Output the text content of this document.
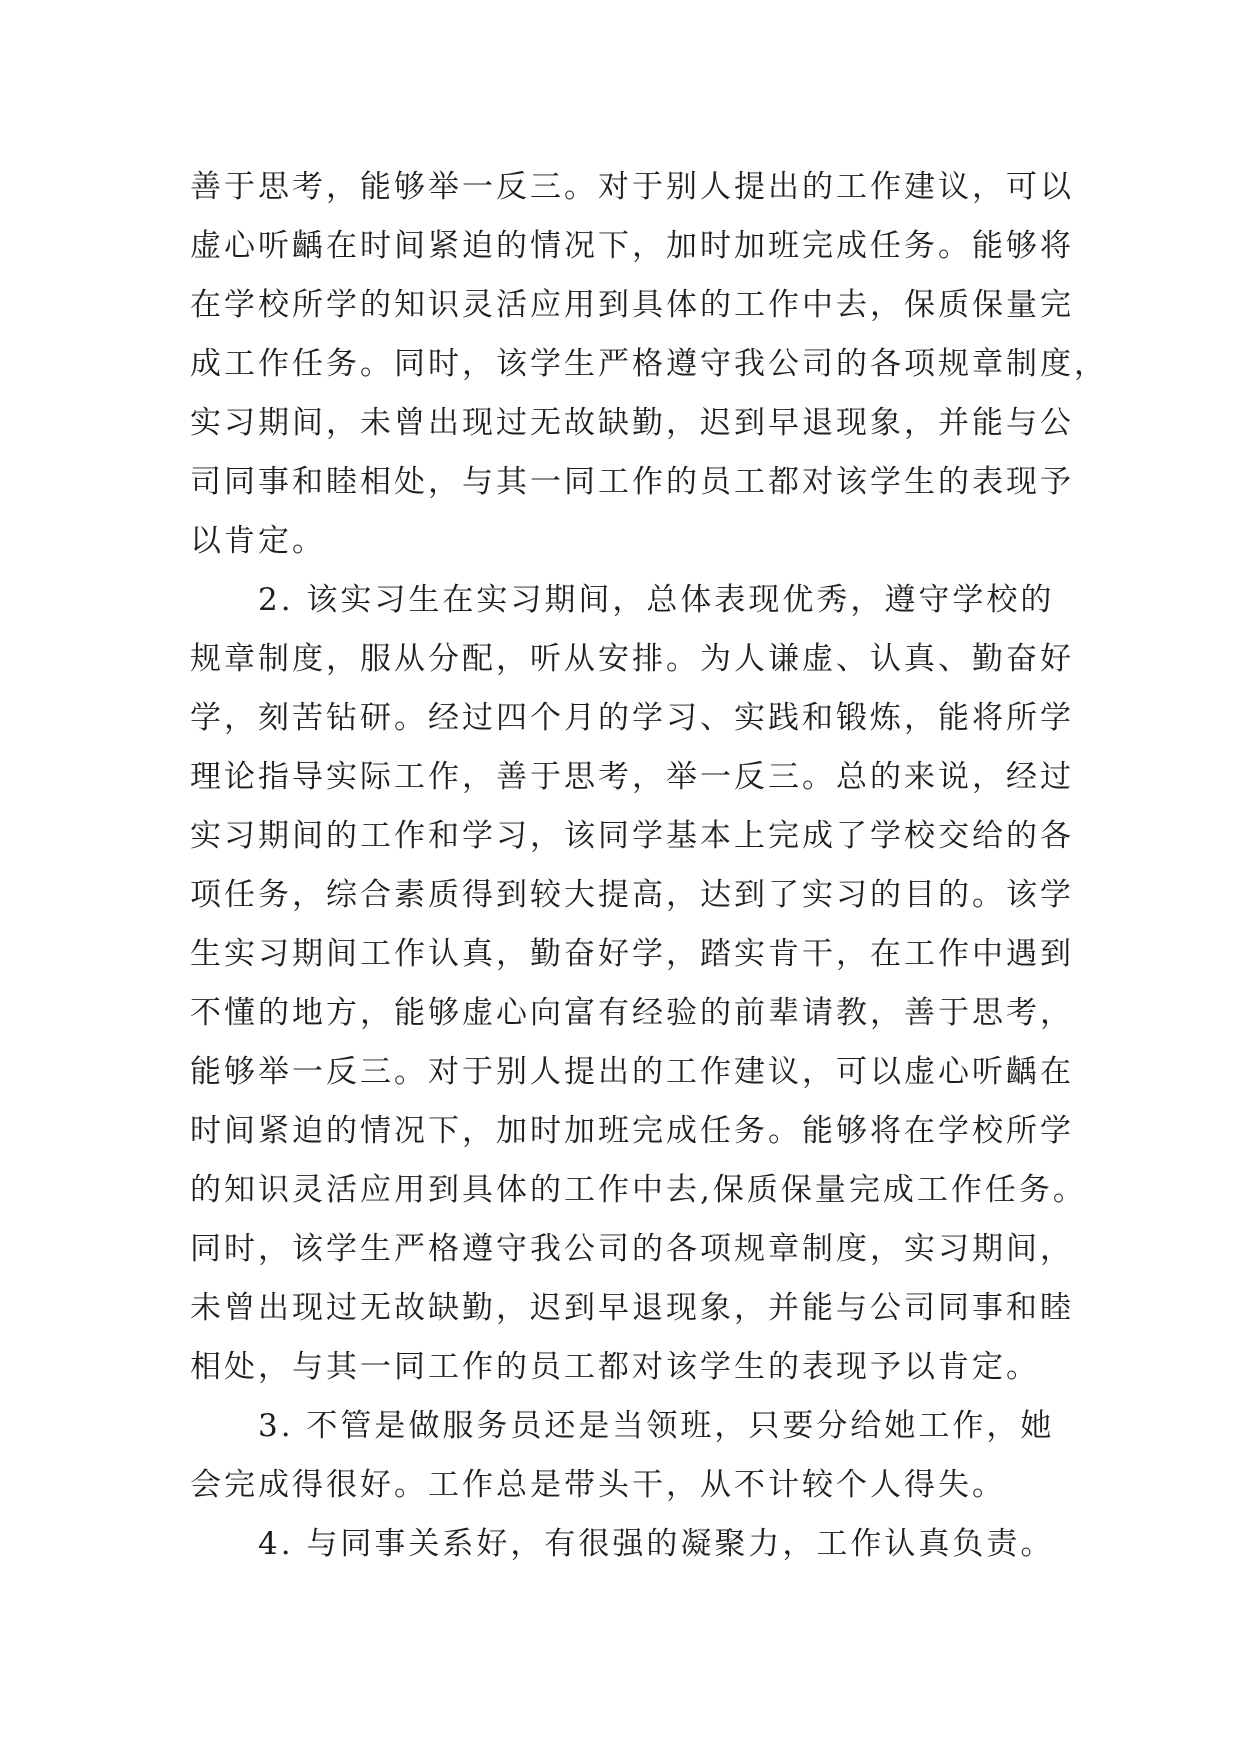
善于思考，能够举一反三。对于别人提出的工作建议，可以
虚心听齲在时间紧迫的情况下，加时加班完成任务。能够将
在学校所学的知识灵活应用到具体的工作中去，保质保量完
成工作任务。同时，该学生严格遵守我公司的各项规章制度，
实习期间，未曾出现过无故缺勤，迟到早退现象，并能与公
司同事和睦相处，与其一同工作的员工都对该学生的表现予
以肯定。
2. 该实习生在实习期间，总体表现优秀，遵守学校的
规章制度，服从分配，听从安排。为人谦虚、认真、勤奋好
学，刻苦钻研。经过四个月的学习、实践和锻炼，能将所学
理论指导实际工作，善于思考，举一反三。总的来说，经过
实习期间的工作和学习，该同学基本上完成了学校交给的各
项任务，综合素质得到较大提高，达到了实习的目的。该学
生实习期间工作认真，勤奋好学，踏实肯干，在工作中遇到
不懂的地方，能够虚心向富有经验的前辈请教，善于思考，
能够举一反三。对于别人提出的工作建议，可以虚心听齲在
时间紧迫的情况下，加时加班完成任务。能够将在学校所学
的知识灵活应用到具体的工作中去,保质保量完成工作任务。
同时，该学生严格遵守我公司的各项规章制度，实习期间，
未曾出现过无故缺勤，迟到早退现象，并能与公司同事和睦
相处，与其一同工作的员工都对该学生的表现予以肯定。
3. 不管是做服务员还是当领班，只要分给她工作，她
会完成得很好。工作总是带头干，从不计较个人得失。
4. 与同事关系好，有很强的凝聚力，工作认真负责。
